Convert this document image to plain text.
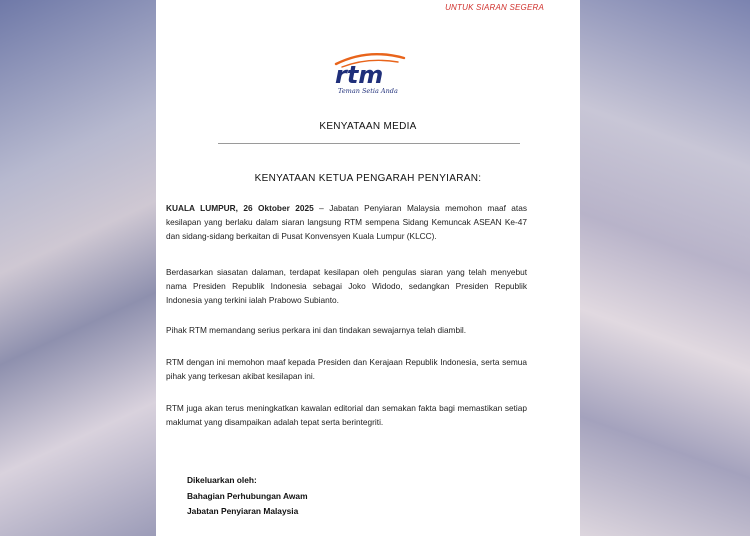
UNTUK SIARAN SEGERA
rtm
Teman Setia Anda
KENYATAAN MEDIA
KENYATAAN KETUA PENGARAH PENYIARAN:
KUALA LUMPUR, 26 Oktober 2025 – Jabatan Penyiaran Malaysia memohon maaf atas kesilapan yang berlaku dalam siaran langsung RTM sempena Sidang Kemuncak ASEAN Ke-47 dan sidang-sidang berkaitan di Pusat Konvensyen Kuala Lumpur (KLCC).
Berdasarkan siasatan dalaman, terdapat kesilapan oleh pengulas siaran yang telah menyebut nama Presiden Republik Indonesia sebagai Joko Widodo, sedangkan Presiden Republik Indonesia yang terkini ialah Prabowo Subianto.
Pihak RTM memandang serius perkara ini dan tindakan sewajarnya telah diambil.
RTM dengan ini memohon maaf kepada Presiden dan Kerajaan Republik Indonesia, serta semua pihak yang terkesan akibat kesilapan ini.
RTM juga akan terus meningkatkan kawalan editorial dan semakan fakta bagi memastikan setiap maklumat yang disampaikan adalah tepat serta berintegriti.
Dikeluarkan oleh:
Bahagian Perhubungan Awam
Jabatan Penyiaran Malaysia
